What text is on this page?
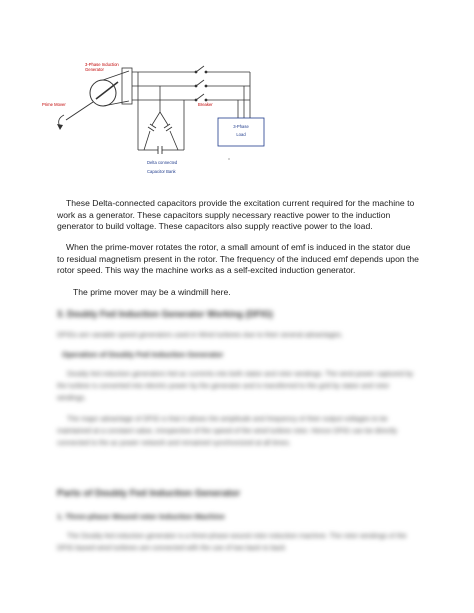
3-Phase Induction
Generator
Prime Mover	Breaker
3-Phase
Load
Delta connected
Capacitor Bank
These Delta-connected capacitors provide the excitation current required for the machine to work as a generator. These capacitors supply necessary reactive power to the induction generator to build voltage. These capacitors also supply reactive power to the load.
When the prime-mover rotates the rotor, a small amount of emf is induced in the stator due to residual magnetism present in the rotor. The frequency of the induced emf depends upon the rotor speed. This way the machine works as a self-excited induction generator.
The prime mover may be a windmill here.
3. Doubly Fed Induction Generator Working (DFIG)
DFIGs are variable speed generators used in Wind turbines due to their several advantages.
Operation of Doubly Fed Induction Generator
Doubly fed induction generators fed ac currents into both stator and rotor windings. The wind power captured by the turbine is converted into electric power by the generator and is transferred to the grid by stator and rotor windings.
The major advantage of DFIG is that it allows the amplitude and frequency of their output voltages to be maintained at a constant value, irrespective of the speed of the wind turbine rotor. Hence DFIG can be directly connected to the ac power network and remained synchronized at all times.
Parts of Doubly Fed Induction Generator
1. Three-phase Wound rotor Induction Machine
The Doubly fed induction generator is a three-phase wound rotor induction machine. The rotor windings of the DFIG based wind turbines are connected with the use of two back to back
